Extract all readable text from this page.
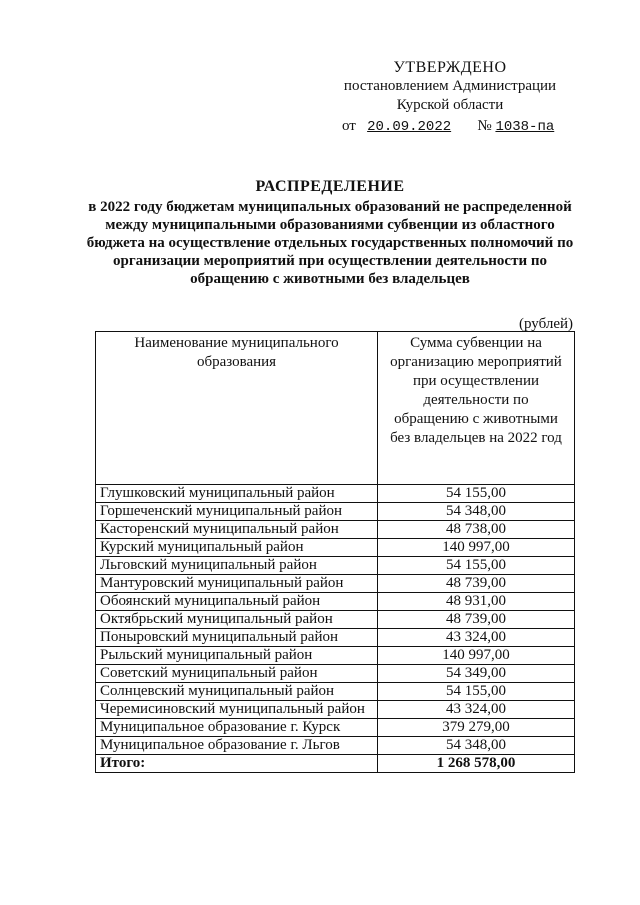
УТВЕРЖДЕНО
постановлением Администрации
Курской области
от 20.09.2022 № 1038-па
РАСПРЕДЕЛЕНИЕ
в 2022 году бюджетам муниципальных образований не распределенной между муниципальными образованиями субвенции из областного бюджета на осуществление отдельных государственных полномочий по организации мероприятий при осуществлении деятельности по обращению с животными без владельцев
(рублей)
Наименование муниципального образования	Сумма субвенции на организацию мероприятий при осуществлении деятельности по обращению с животными без владельцев на 2022 год
Глушковский муниципальный район	54 155,00
Горшеченский муниципальный район	54 348,00
Касторенский муниципальный район	48 738,00
Курский муниципальный район	140 997,00
Льговский муниципальный район	54 155,00
Мантуровский муниципальный район	48 739,00
Обоянский муниципальный район	48 931,00
Октябрьский муниципальный район	48 739,00
Поныровский муниципальный район	43 324,00
Рыльский муниципальный район	140 997,00
Советский муниципальный район	54 349,00
Солнцевский муниципальный район	54 155,00
Черемисиновский муниципальный район	43 324,00
Муниципальное образование г. Курск	379 279,00
Муниципальное образование г. Льгов	54 348,00
Итого:	1 268 578,00
